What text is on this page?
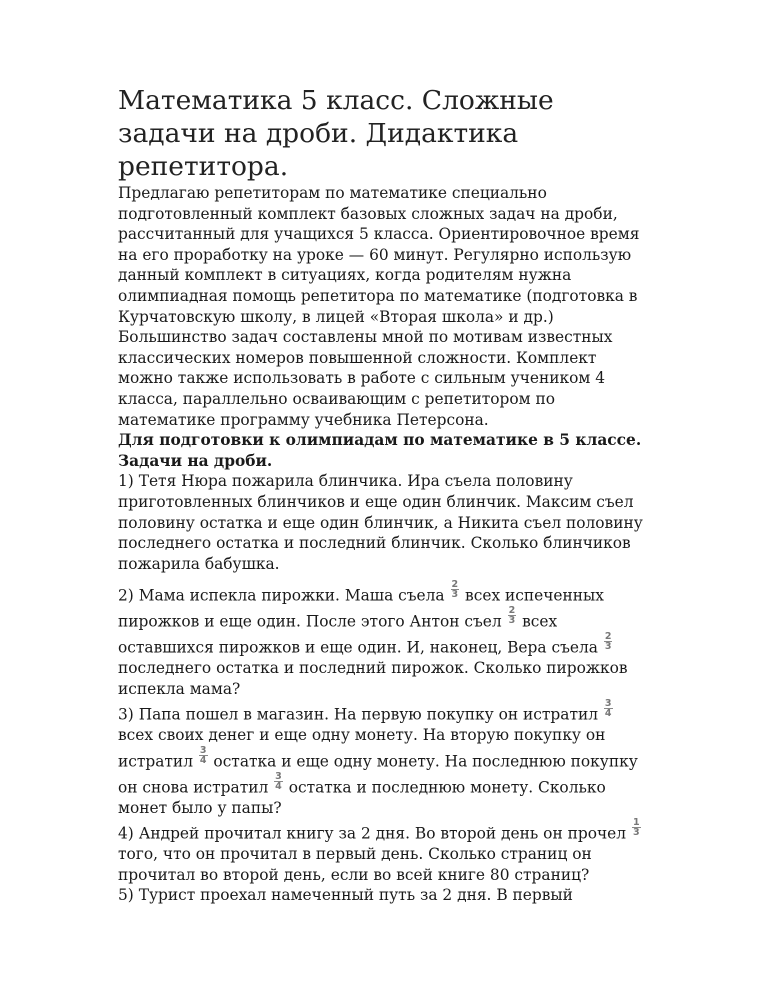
Математика 5 класс. Сложные задачи на дроби. Дидактика репетитора.

Предлагаю репетиторам по математике специально подготовленный комплект базовых сложных задач на дроби, рассчитанный для учащихся 5 класса. Ориентировочное время на его проработку на уроке — 60 минут. Регулярно использую данный комплект в ситуациях, когда родителям нужна олимпиадная помощь репетитора по математике (подготовка в Курчатовскую школу, в лицей «Вторая школа» и др.) Большинство задач составлены мной по мотивам известных классических номеров повышенной сложности. Комплект можно также использовать в работе с сильным учеником 4 класса, параллельно осваивающим с репетитором по математике программу учебника Петерсона.

Для подготовки к олимпиадам по математике в 5 классе. Задачи на дроби.

1) Тетя Нюра пожарила блинчика. Ира съела половину приготовленных блинчиков и еще один блинчик. Максим съел половину остатка и еще один блинчик, а Никита съел половину последнего остатка и последний блинчик. Сколько блинчиков пожарила бабушка.

2) Мама испекла пирожки. Маша съела $\frac{2}{3}$ всех испеченных пирожков и еще один. После этого Антон съел $\frac{2}{3}$ всех оставшихся пирожков и еще один. И, наконец, Вера съела $\frac{2}{3}$
последнего остатка и последний пирожок. Сколько пирожков испекла мама?

3) Папа пошел в магазин. На первую покупку он истратил $\frac{3}{4}$
всех своих денег и еще одну монету. На вторую покупку он истратил $\frac{3}{4}$ остатка и еще одну монету. На последнюю покупку он снова истратил $\frac{3}{4}$ остатка и последнюю монету. Сколько монет было у папы?

4) Андрей прочитал книгу за 2 дня. Во второй день он прочел $\frac{1}{3}$
того, что он прочитал в первый день. Сколько страниц он прочитал во второй день, если во всей книге 80 страниц?

5) Турист проехал намеченный путь за 2 дня. В первый
